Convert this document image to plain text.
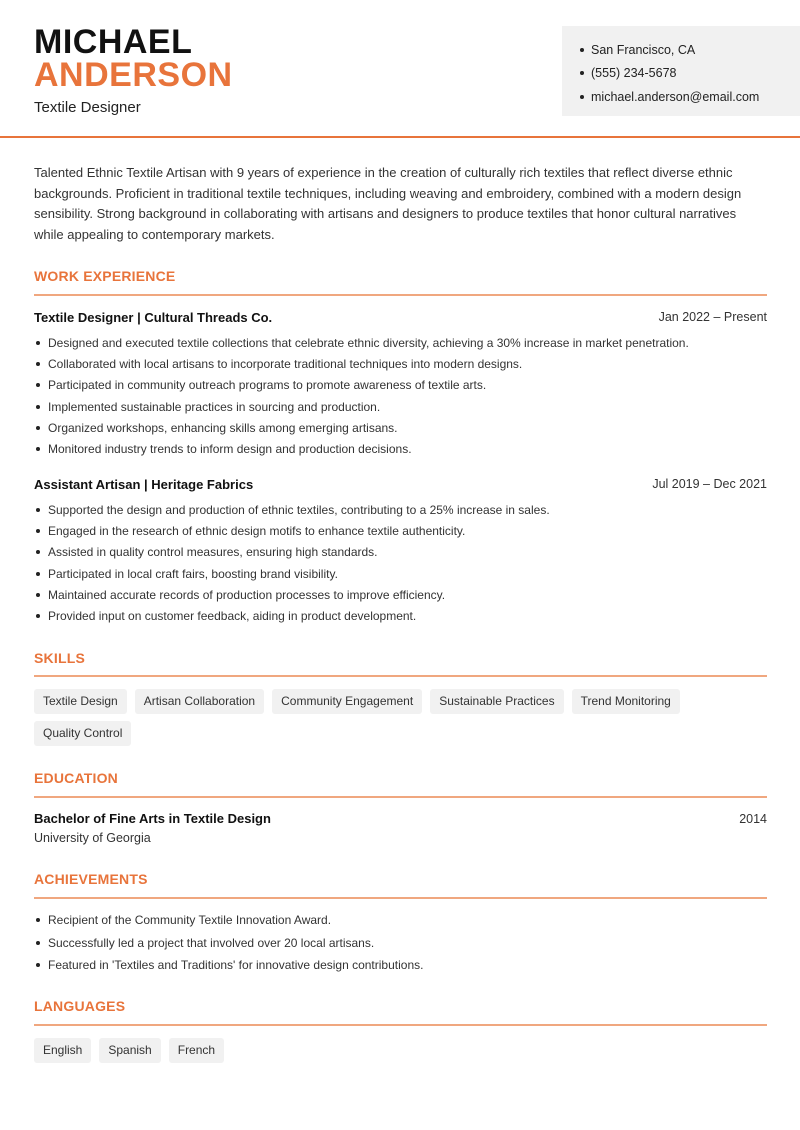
MICHAEL
ANDERSON
Textile Designer
San Francisco, CA
(555) 234-5678
michael.anderson@email.com

Talented Ethnic Textile Artisan with 9 years of experience in the creation of culturally rich textiles that reflect diverse ethnic backgrounds. Proficient in traditional textile techniques, including weaving and embroidery, combined with a modern design sensibility. Strong background in collaborating with artisans and designers to produce textiles that honor cultural narratives while appealing to contemporary markets.

WORK EXPERIENCE
Textile Designer | Cultural Threads Co.	Jan 2022 – Present
Designed and executed textile collections that celebrate ethnic diversity, achieving a 30% increase in market penetration.
Collaborated with local artisans to incorporate traditional techniques into modern designs.
Participated in community outreach programs to promote awareness of textile arts.
Implemented sustainable practices in sourcing and production.
Organized workshops, enhancing skills among emerging artisans.
Monitored industry trends to inform design and production decisions.
Assistant Artisan | Heritage Fabrics	Jul 2019 – Dec 2021
Supported the design and production of ethnic textiles, contributing to a 25% increase in sales.
Engaged in the research of ethnic design motifs to enhance textile authenticity.
Assisted in quality control measures, ensuring high standards.
Participated in local craft fairs, boosting brand visibility.
Maintained accurate records of production processes to improve efficiency.
Provided input on customer feedback, aiding in product development.
SKILLS
Textile Design	Artisan Collaboration	Community Engagement	Sustainable Practices	Trend Monitoring
Quality Control
EDUCATION
Bachelor of Fine Arts in Textile Design	2014
University of Georgia
ACHIEVEMENTS
Recipient of the Community Textile Innovation Award.
Successfully led a project that involved over 20 local artisans.
Featured in 'Textiles and Traditions' for innovative design contributions.
LANGUAGES
English	Spanish	French
